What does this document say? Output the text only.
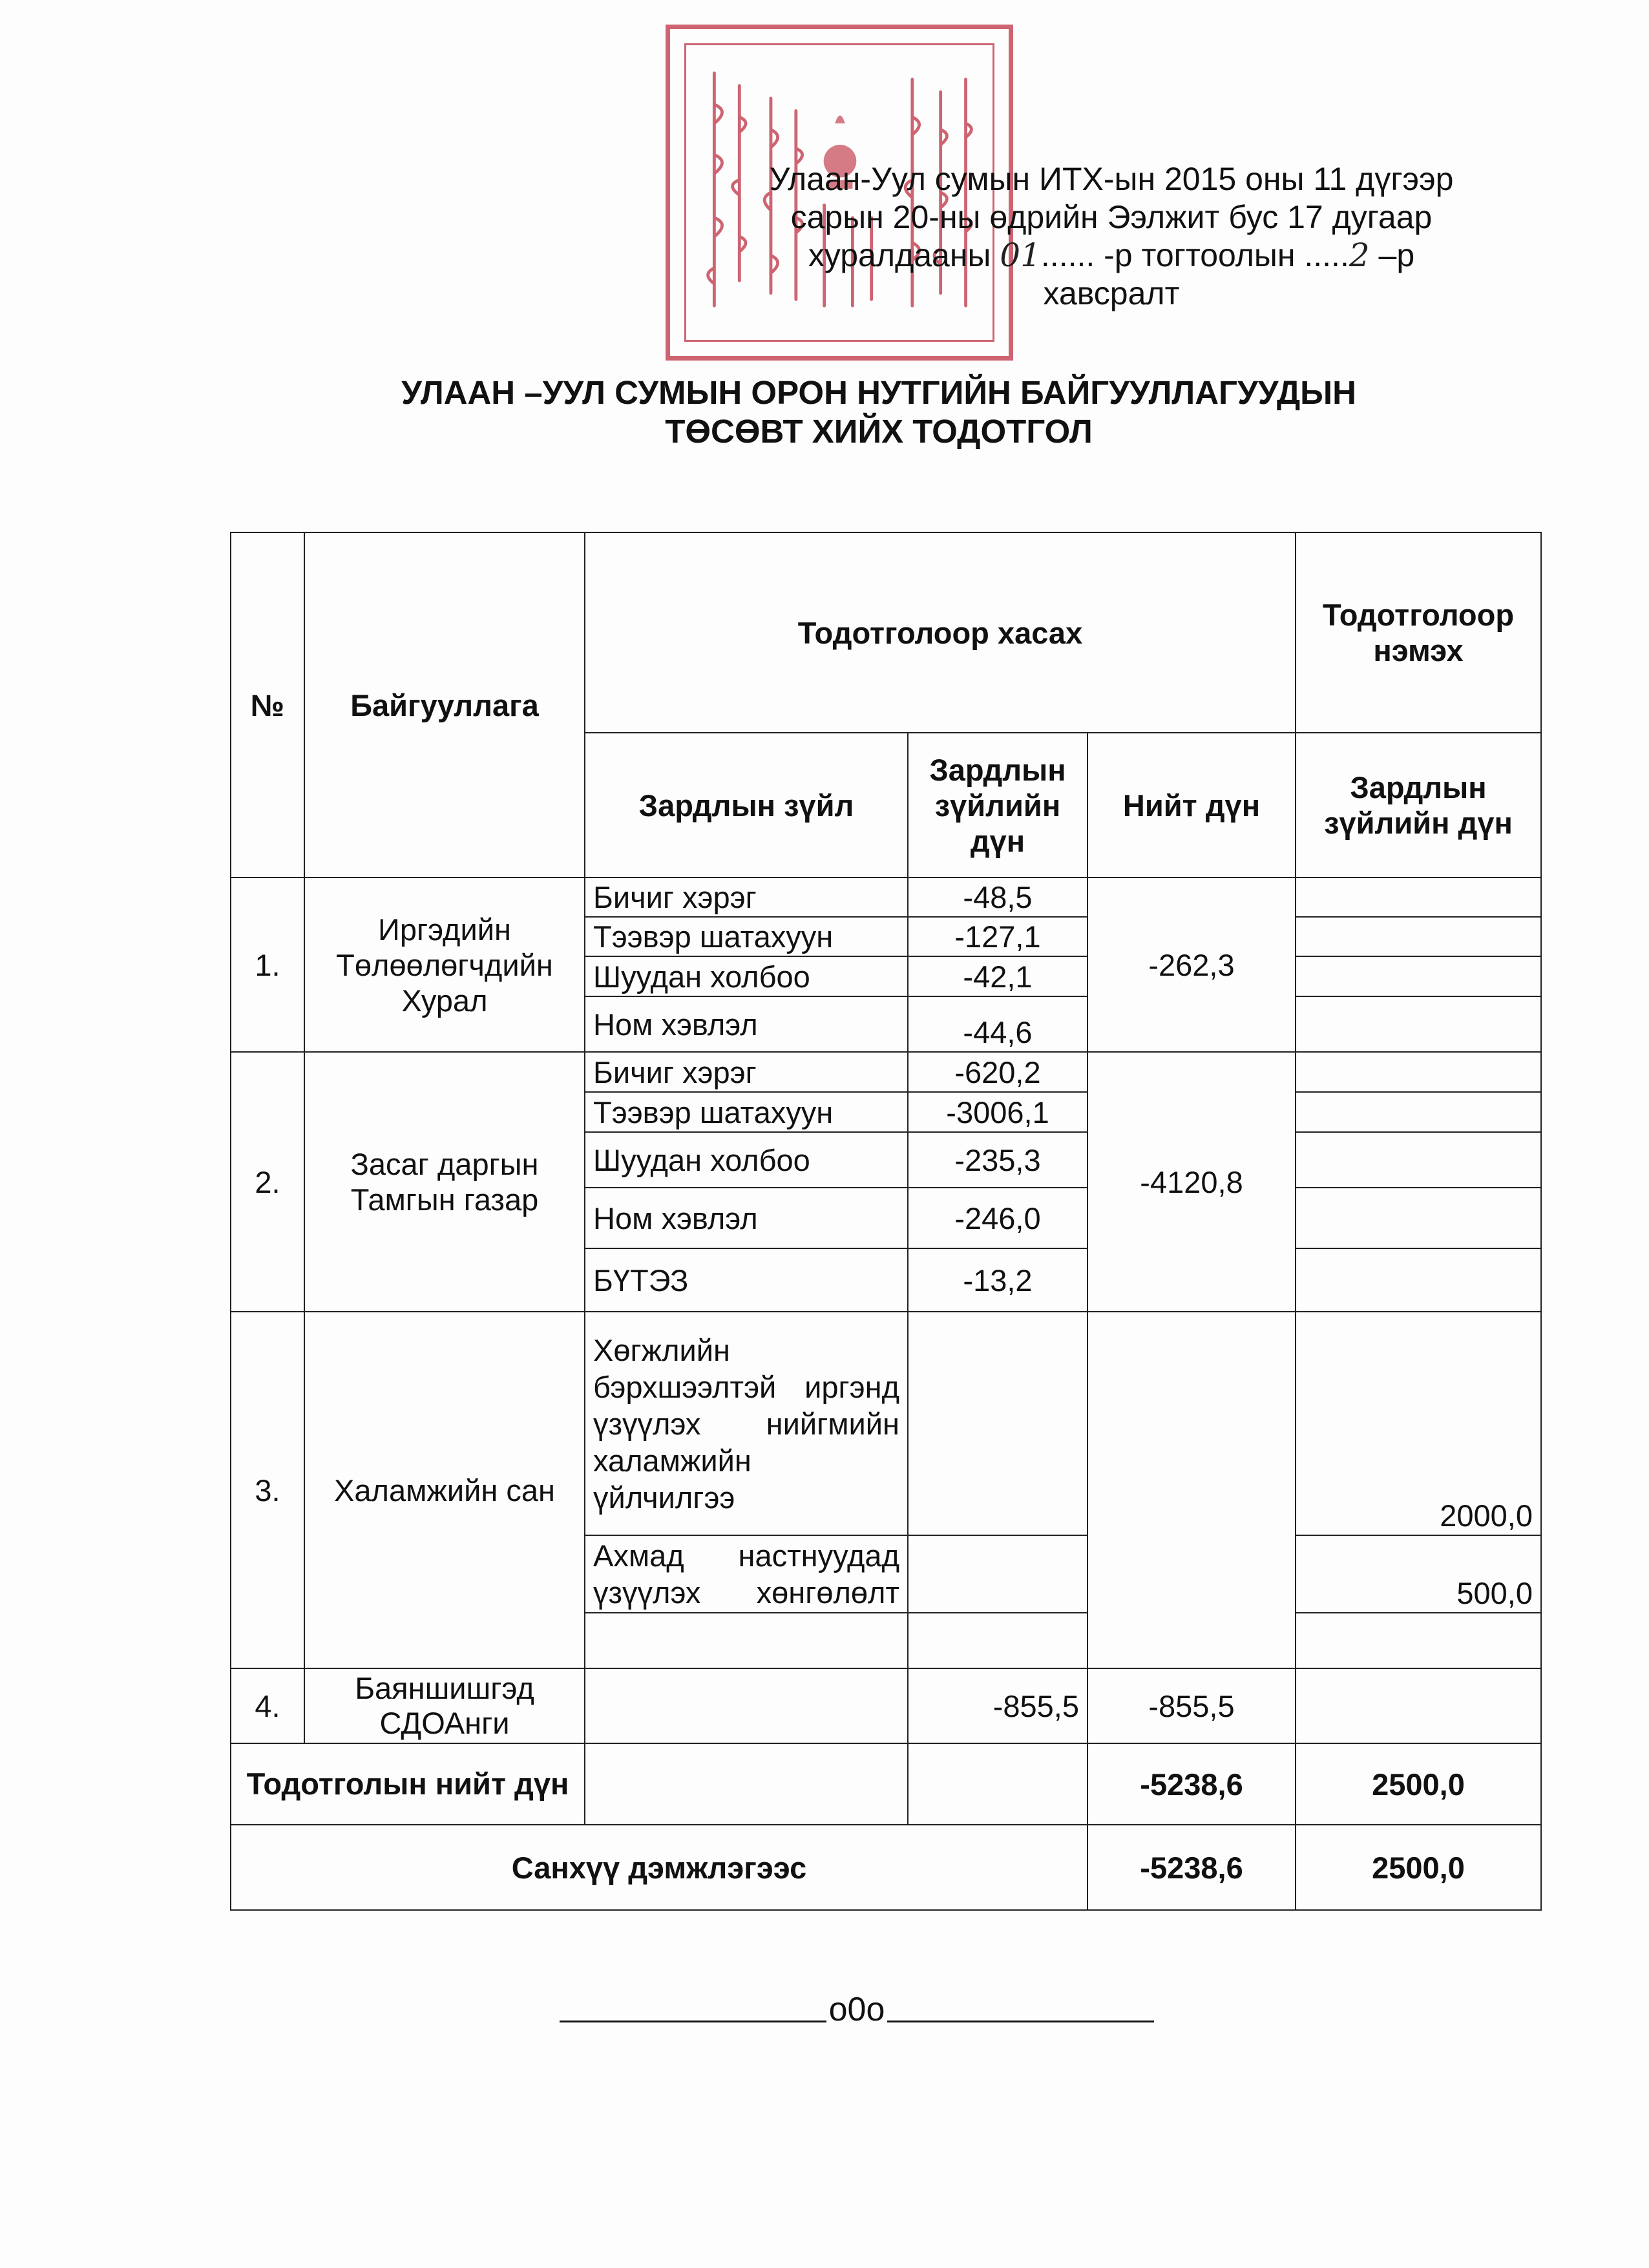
Улаан-Уул сумын ИТХ-ын 2015 оны 11 дүгээр
сарын 20-ны өдрийн Ээлжит бус 17 дугаар
хуралдааны 01...... -р тогтоолын .....2 –р
хавсралт
УЛААН –УУЛ СУМЫН ОРОН НУТГИЙН БАЙГУУЛЛАГУУДЫН
ТӨСӨВТ ХИЙХ ТОДОТГОЛ
№	Байгууллага	Тодотголоор хасах			Тодотголоор нэмэх
		Зардлын зүйл	Зардлын зүйлийн дүн	Нийт дүн	Зардлын зүйлийн дүн
1.	Иргэдийн Төлөөлөгчдийн Хурал	Бичиг хэрэг	-48,5	-262,3	
		Тээвэр шатахуун	-127,1		
		Шуудан холбоо	-42,1		
		Ном хэвлэл	-44,6		
2.	Засаг даргын Тамгын газар	Бичиг хэрэг	-620,2	-4120,8	
		Тээвэр шатахуун	-3006,1		
		Шуудан холбоо	-235,3		
		Ном хэвлэл	-246,0		
		БҮТЭЗ	-13,2		
3.	Халамжийн сан	Хөгжлийн бэрхшээлтэй иргэнд үзүүлэх нийгмийн халамжийн үйлчилгээ			2000,0
		Ахмад настнуудад үзүүлэх хөнгөлөлт			500,0

4.	Баяншишгэд СДОАнги		-855,5	-855,5	
Тодотголын нийт дүн				-5238,6	2500,0
Санхүү дэмжлэгээс				-5238,6	2500,0
o0o
